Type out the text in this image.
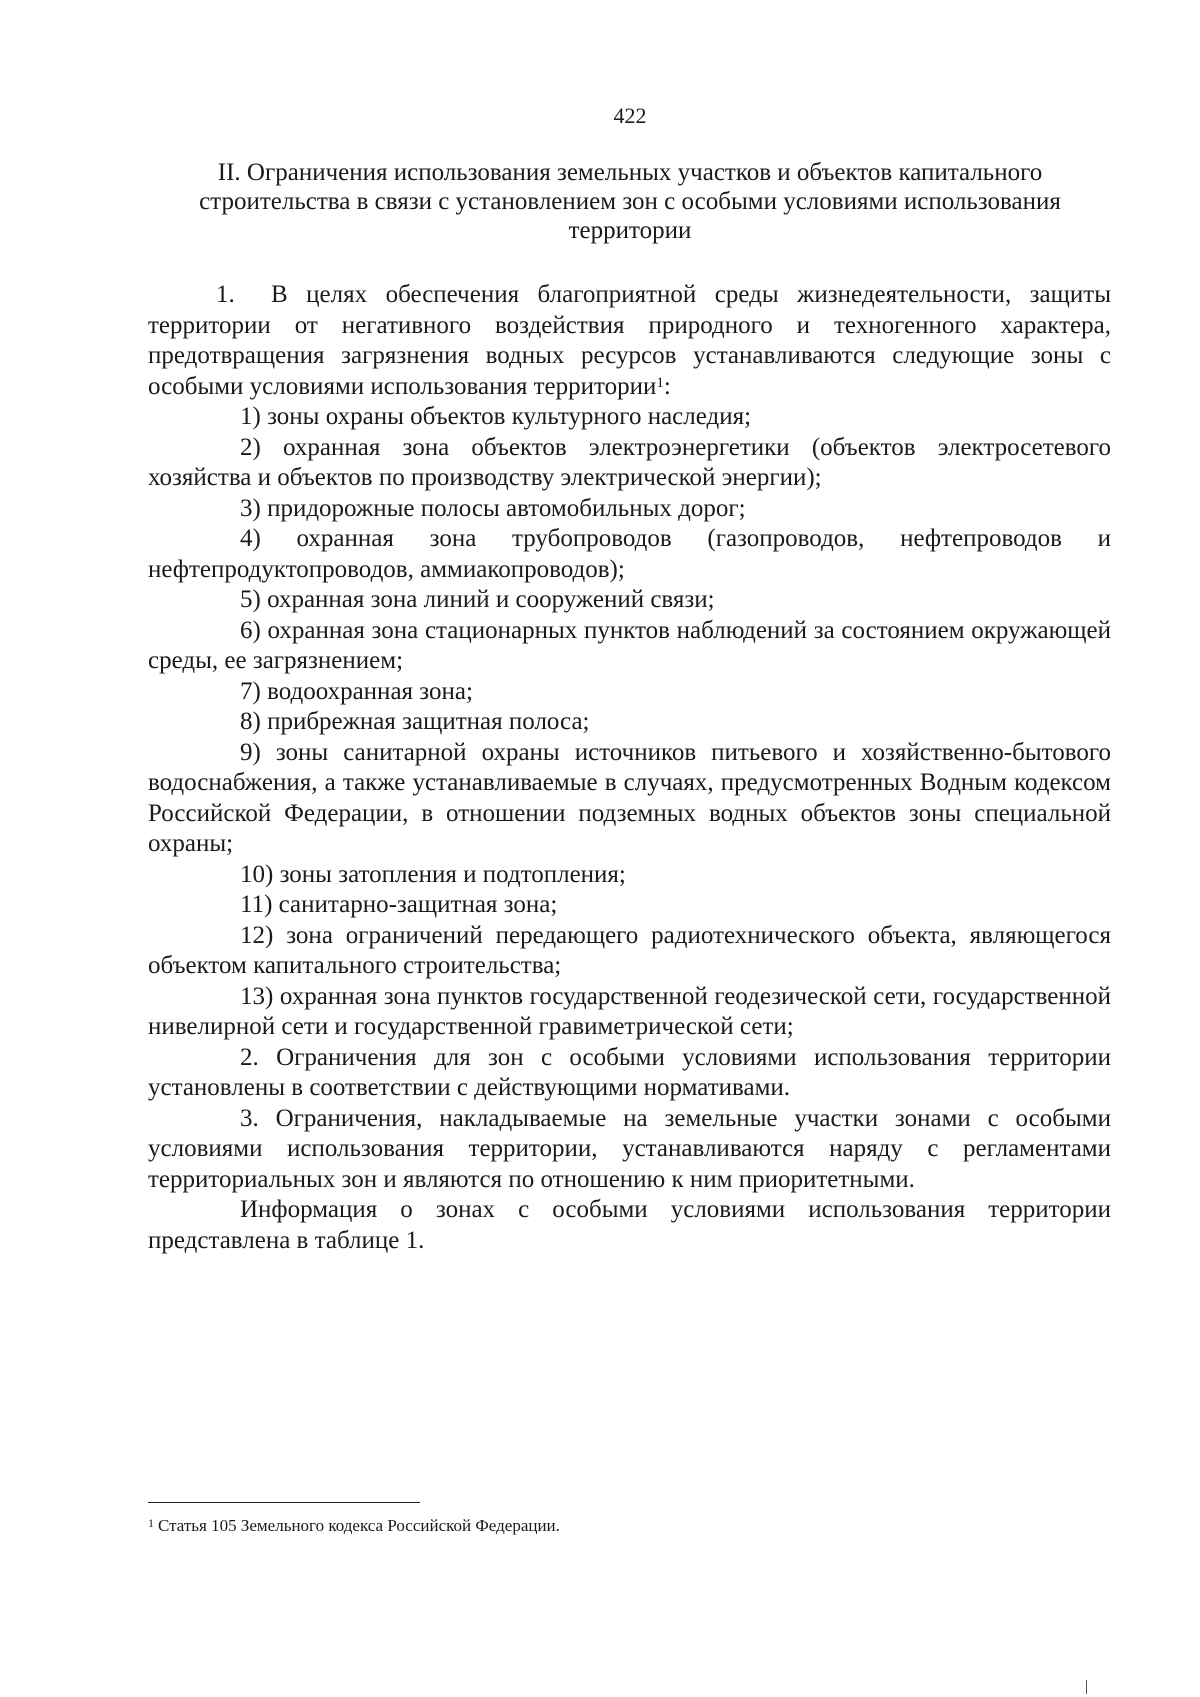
422
II. Ограничения использования земельных участков и объектов капитального строительства в связи с установлением зон с особыми условиями использования территории

1. В целях обеспечения благоприятной среды жизнедеятельности, защиты территории от негативного воздействия природного и техногенного характера, предотвращения загрязнения водных ресурсов устанавливаются следующие зоны с особыми условиями использования территории$^1$:

1) зоны охраны объектов культурного наследия;

2) охранная зона объектов электроэнергетики (объектов электросетевого хозяйства и объектов по производству электрической энергии);

3) придорожные полосы автомобильных дорог;

4) охранная зона трубопроводов (газопроводов, нефтепроводов и нефтепродуктопроводов, аммиакопроводов);

5) охранная зона линий и сооружений связи;

6) охранная зона стационарных пунктов наблюдений за состоянием окружающей среды, ее загрязнением;

7) водоохранная зона;

8) прибрежная защитная полоса;

9) зоны санитарной охраны источников питьевого и хозяйственно-бытового водоснабжения, а также устанавливаемые в случаях, предусмотренных Водным кодексом Российской Федерации, в отношении подземных водных объектов зоны специальной охраны;

10) зоны затопления и подтопления;

11) санитарно-защитная зона;

12) зона ограничений передающего радиотехнического объекта, являющегося объектом капитального строительства;

13) охранная зона пунктов государственной геодезической сети, государственной нивелирной сети и государственной гравиметрической сети;

2. Ограничения для зон с особыми условиями использования территории установлены в соответствии с действующими нормативами.

3. Ограничения, накладываемые на земельные участки зонами с особыми условиями использования территории, устанавливаются наряду с регламентами территориальных зон и являются по отношению к ним приоритетными.

Информация о зонах с особыми условиями использования территории представлена в таблице 1.

$^1$ Статья 105 Земельного кодекса Российской Федерации.
